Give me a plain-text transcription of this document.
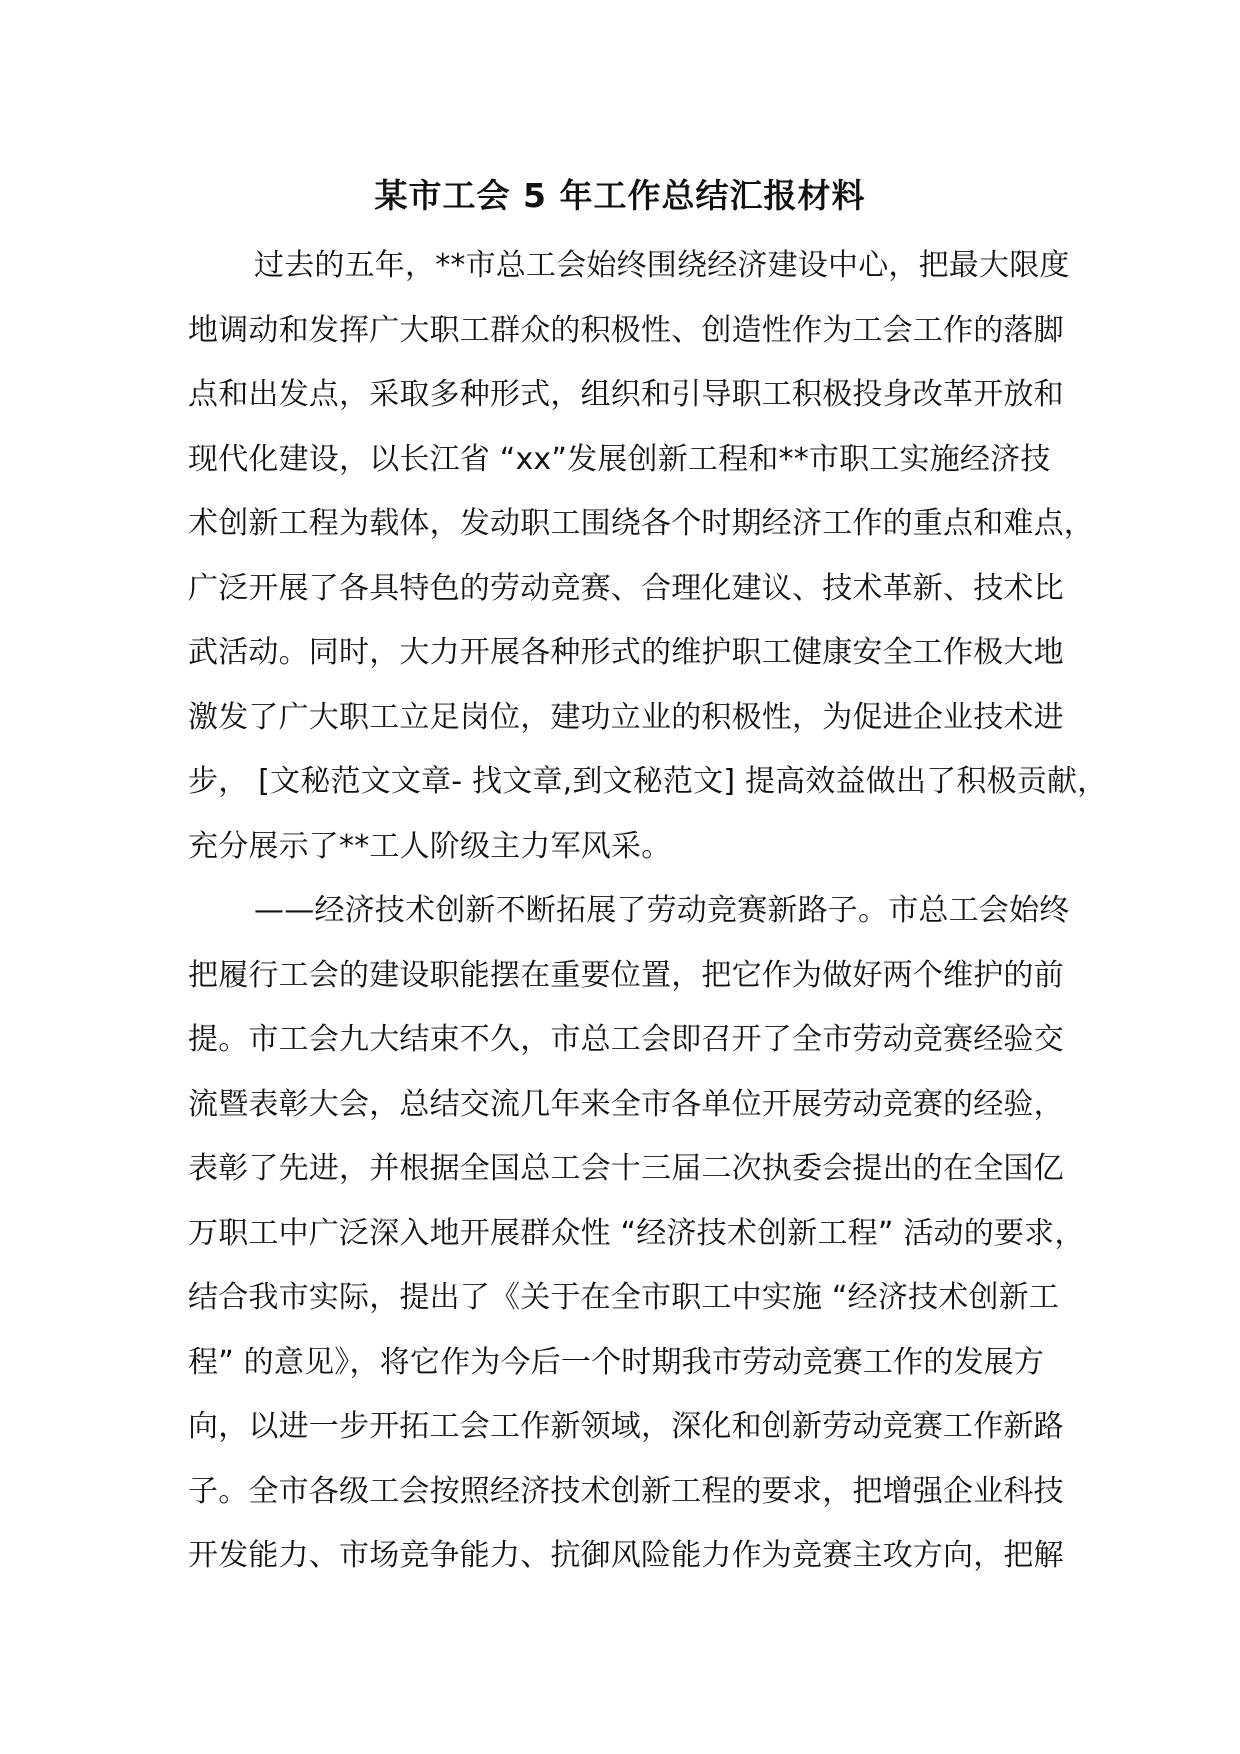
某市工会 5 年工作总结汇报材料
过去的五年，**市总工会始终围绕经济建设中心，把最大限度
地调动和发挥广大职工群众的积极性、创造性作为工会工作的落脚
点和出发点，采取多种形式，组织和引导职工积极投身改革开放和
现代化建设，以长江省 “xx”发展创新工程和**市职工实施经济技
术创新工程为载体，发动职工围绕各个时期经济工作的重点和难点，
广泛开展了各具特色的劳动竞赛、合理化建议、技术革新、技术比
武活动。同时，大力开展各种形式的维护职工健康安全工作极大地
激发了广大职工立足岗位，建功立业的积极性，为促进企业技术进
步， [文秘范文文章- 找文章,到文秘范文] 提高效益做出了积极贡献，
充分展示了**工人阶级主力军风采。
——经济技术创新不断拓展了劳动竞赛新路子。市总工会始终
把履行工会的建设职能摆在重要位置，把它作为做好两个维护的前
提。市工会九大结束不久，市总工会即召开了全市劳动竞赛经验交
流暨表彰大会，总结交流几年来全市各单位开展劳动竞赛的经验，
表彰了先进，并根据全国总工会十三届二次执委会提出的在全国亿
万职工中广泛深入地开展群众性 “经济技术创新工程” 活动的要求，
结合我市实际，提出了《关于在全市职工中实施 “经济技术创新工
程” 的意见》，将它作为今后一个时期我市劳动竞赛工作的发展方
向，以进一步开拓工会工作新领域，深化和创新劳动竞赛工作新路
子。全市各级工会按照经济技术创新工程的要求，把增强企业科技
开发能力、市场竞争能力、抗御风险能力作为竞赛主攻方向，把解
